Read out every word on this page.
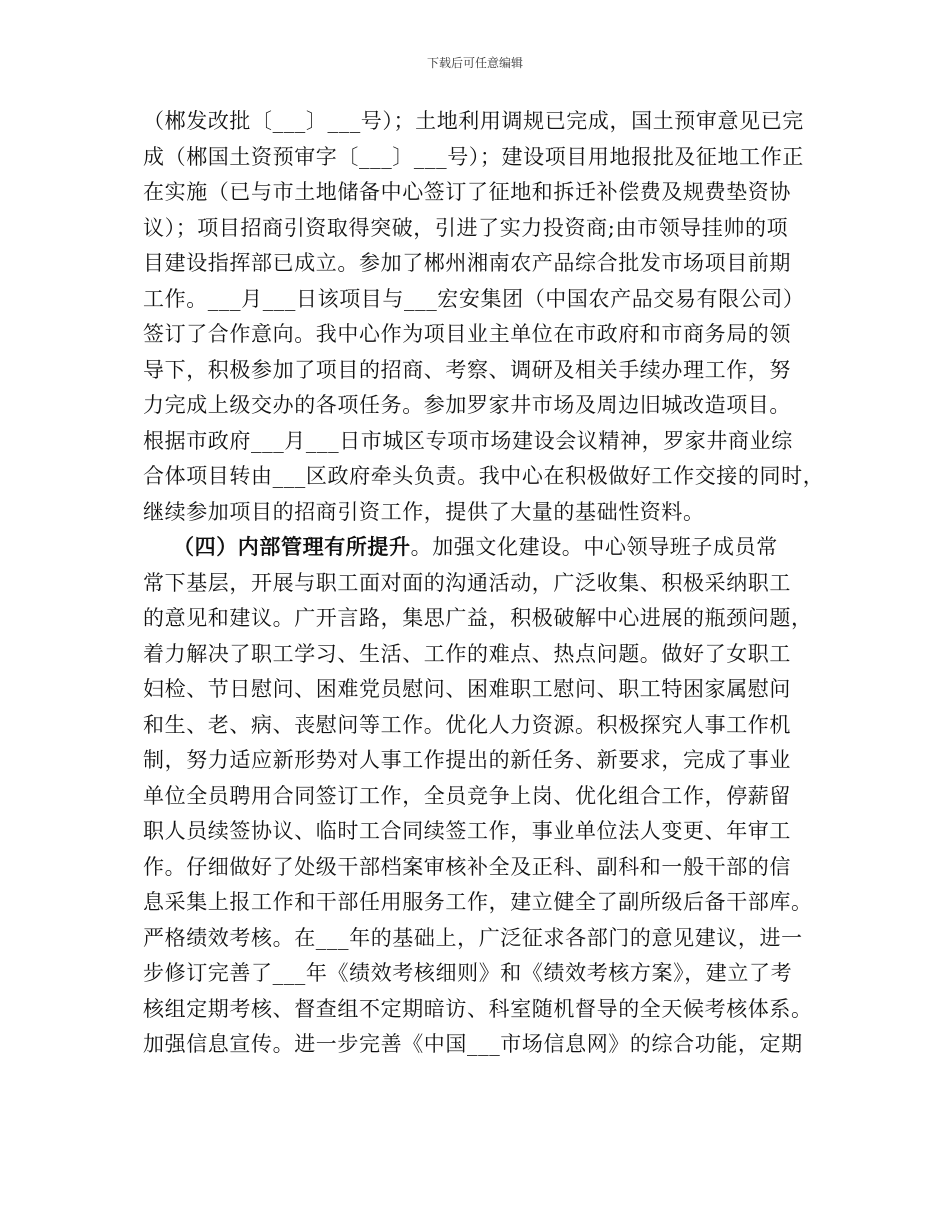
下载后可任意编辑
（郴发改批〔___〕___号）；土地利用调规已完成，国土预审意见已完
成（郴国土资预审字〔___〕___号）；建设项目用地报批及征地工作正
在实施（已与市土地储备中心签订了征地和拆迁补偿费及规费垫资协
议）；项目招商引资取得突破，引进了实力投资商;由市领导挂帅的项
目建设指挥部已成立。参加了郴州湘南农产品综合批发市场项目前期
工作。___月___日该项目与___宏安集团（中国农产品交易有限公司）
签订了合作意向。我中心作为项目业主单位在市政府和市商务局的领
导下，积极参加了项目的招商、考察、调研及相关手续办理工作，努
力完成上级交办的各项任务。参加罗家井市场及周边旧城改造项目。
根据市政府___月___日市城区专项市场建设会议精神，罗家井商业综
合体项目转由___区政府牵头负责。我中心在积极做好工作交接的同时，
继续参加项目的招商引资工作，提供了大量的基础性资料。
（四）内部管理有所提升。加强文化建设。中心领导班子成员常
常下基层，开展与职工面对面的沟通活动，广泛收集、积极采纳职工
的意见和建议。广开言路，集思广益，积极破解中心进展的瓶颈问题，
着力解决了职工学习、生活、工作的难点、热点问题。做好了女职工
妇检、节日慰问、困难党员慰问、困难职工慰问、职工特困家属慰问
和生、老、病、丧慰问等工作。优化人力资源。积极探究人事工作机
制，努力适应新形势对人事工作提出的新任务、新要求，完成了事业
单位全员聘用合同签订工作，全员竞争上岗、优化组合工作，停薪留
职人员续签协议、临时工合同续签工作，事业单位法人变更、年审工
作。仔细做好了处级干部档案审核补全及正科、副科和一般干部的信
息采集上报工作和干部任用服务工作，建立健全了副所级后备干部库。
严格绩效考核。在___年的基础上，广泛征求各部门的意见建议，进一
步修订完善了___年《绩效考核细则》和《绩效考核方案》，建立了考
核组定期考核、督查组不定期暗访、科室随机督导的全天候考核体系。
加强信息宣传。进一步完善《中国___市场信息网》的综合功能，定期
